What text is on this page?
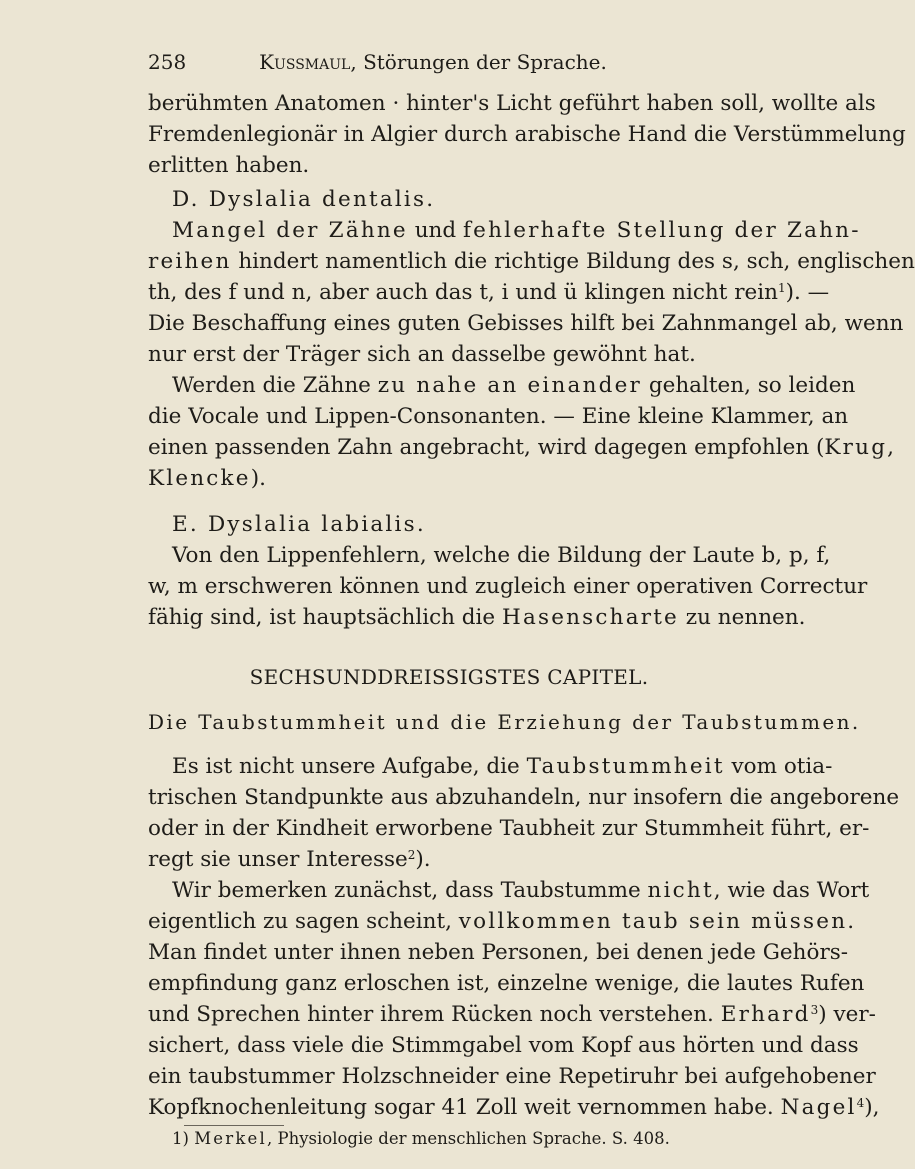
258	Kussmaul, Störungen der Sprache.
berühmten Anatomen · hinter's Licht geführt haben soll, wollte als
Fremdenlegionär in Algier durch arabische Hand die Verstümmelung
erlitten haben.
D. Dyslalia dentalis.
Mangel der Zähne und fehlerhafte Stellung der Zahn-
reihen hindert namentlich die richtige Bildung des s, sch, englischen
th, des f und n, aber auch das t, i und ü klingen nicht rein$^1$). —
Die Beschaffung eines guten Gebisses hilft bei Zahnmangel ab, wenn
nur erst der Träger sich an dasselbe gewöhnt hat.
Werden die Zähne zu nahe an einander gehalten, so leiden
die Vocale und Lippen-Consonanten. — Eine kleine Klammer, an
einen passenden Zahn angebracht, wird dagegen empfohlen (Krug,
Klencke).
E. Dyslalia labialis.
Von den Lippenfehlern, welche die Bildung der Laute b, p, f,
w, m erschweren können und zugleich einer operativen Correctur
fähig sind, ist hauptsächlich die Hasenscharte zu nennen.
SECHSUNDDREISSIGSTES CAPITEL.
Die Taubstummheit und die Erziehung der Taubstummen.
Es ist nicht unsere Aufgabe, die Taubstummheit vom otia-
trischen Standpunkte aus abzuhandeln, nur insofern die angeborene
oder in der Kindheit erworbene Taubheit zur Stummheit führt, er-
regt sie unser Interesse$^2$).
Wir bemerken zunächst, dass Taubstumme nicht, wie das Wort
eigentlich zu sagen scheint, vollkommen taub sein müssen.
Man findet unter ihnen neben Personen, bei denen jede Gehörs-
empfindung ganz erloschen ist, einzelne wenige, die lautes Rufen
und Sprechen hinter ihrem Rücken noch verstehen. Erhard$^3$) ver-
sichert, dass viele die Stimmgabel vom Kopf aus hörten und dass
ein taubstummer Holzschneider eine Repetiruhr bei aufgehobener
Kopfknochenleitung sogar 41 Zoll weit vernommen habe. Nagel$^4$),
1) Merkel, Physiologie der menschlichen Sprache. S. 408.
